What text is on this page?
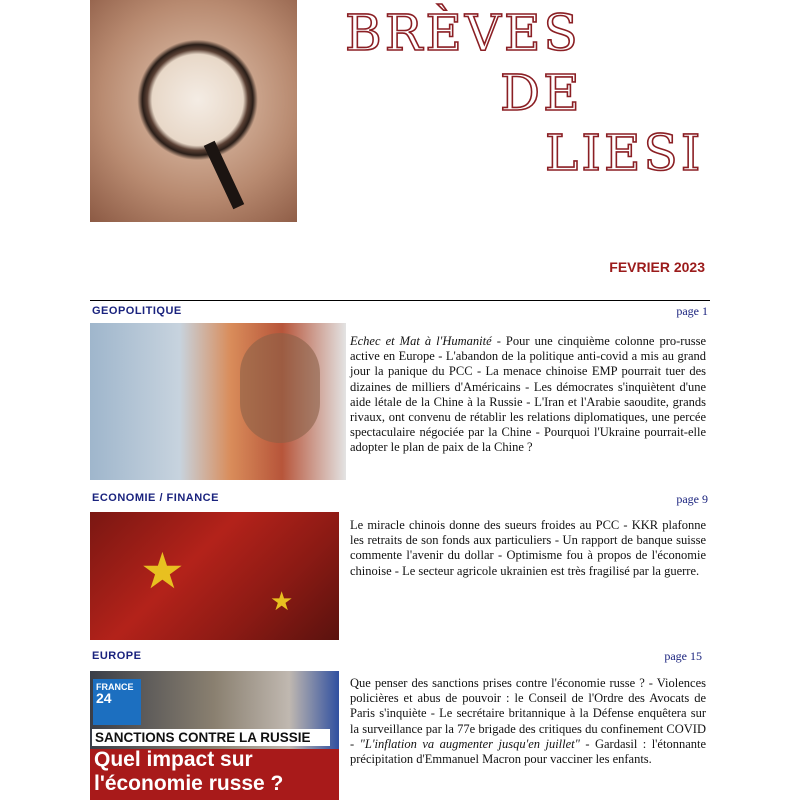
BRÈVES
DE
LIESI
FEVRIER 2023
GEOPOLITIQUE	page 1
Echec et Mat à l'Humanité - Pour une cinquième colonne pro-russe active en Europe - L'abandon de la politique anti-covid a mis au grand jour la panique du PCC - La menace chinoise EMP pourrait tuer des dizaines de milliers d'Américains - Les démocrates s'inquiètent d'une aide létale de la Chine à la Russie - L'Iran et l'Arabie saoudite, grands rivaux, ont convenu de rétablir les relations diplomatiques, une percée spectaculaire négociée par la Chine - Pourquoi l'Ukraine pourrait-elle adopter le plan de paix de la Chine ?
ECONOMIE / FINANCE	page 9
★
★
Le miracle chinois donne des sueurs froides au PCC - KKR plafonne les retraits de son fonds aux particuliers - Un rapport de banque suisse commente l'avenir du dollar - Optimisme fou à propos de l'économie chinoise - Le secteur agricole ukrainien est très fragilisé par la guerre.
EUROPE	page 15
FRANCE
24
SANCTIONS CONTRE LA RUSSIE
Quel impact sur
l'économie russe ?
Que penser des sanctions prises contre l'économie russe ? - Violences policières et abus de pouvoir : le Conseil de l'Ordre des Avocats de Paris s'inquiète - Le secrétaire britannique à la Défense enquêtera sur la surveillance par la 77e brigade des critiques du confinement COVID - "L'inflation va augmenter jusqu'en juillet" - Gardasil : l'étonnante précipitation d'Emmanuel Macron pour vacciner les enfants.
